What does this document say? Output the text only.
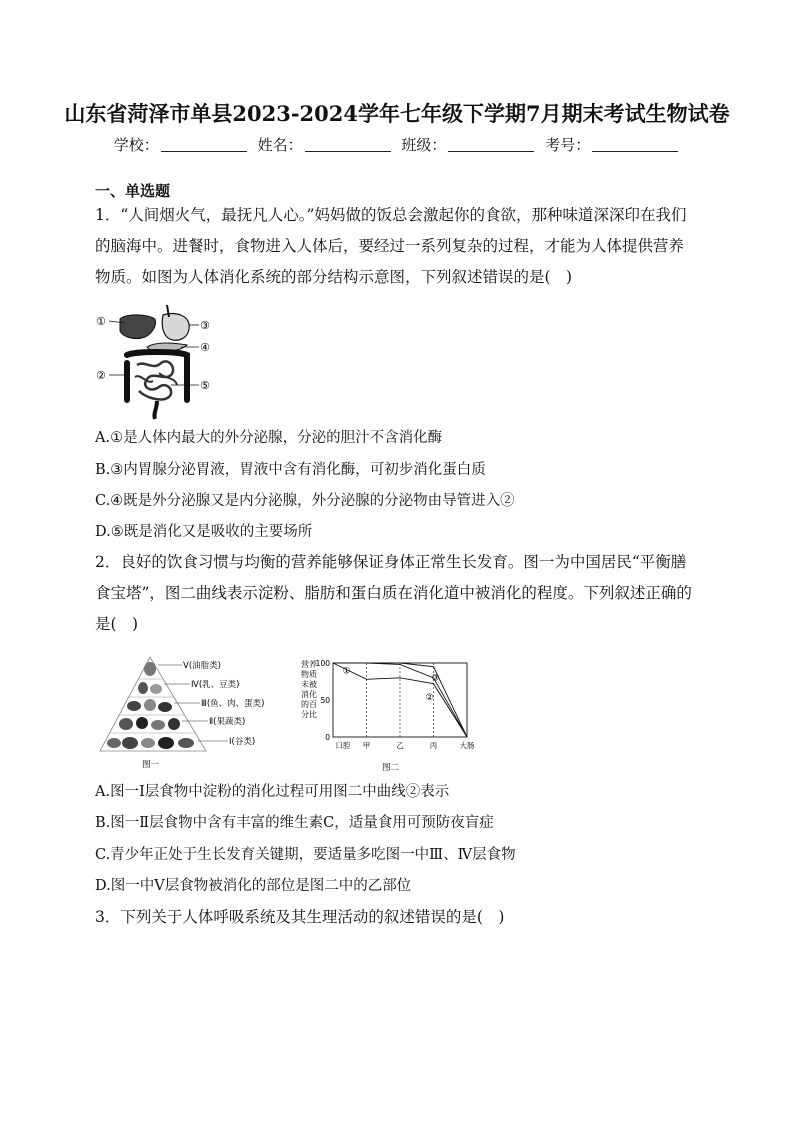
山东省菏泽市单县2023-2024学年七年级下学期7月期末考试生物试卷
学校：	姓名：	班级：	考号：
一、单选题
1．“人间烟火气，最抚凡人心。”妈妈做的饭总会激起你的食欲，那种味道深深印在我们的脑海中。进餐时，食物进入人体后，要经过一系列复杂的过程，才能为人体提供营养物质。如图为人体消化系统的部分结构示意图，下列叙述错误的是(　)
①
②
③
④
⑤
A.①是人体内最大的外分泌腺，分泌的胆汁不含消化酶
B.③内胃腺分泌胃液，胃液中含有消化酶，可初步消化蛋白质
C.④既是外分泌腺又是内分泌腺，外分泌腺的分泌物由导管进入②
D.⑤既是消化又是吸收的主要场所
2．良好的饮食习惯与均衡的营养能够保证身体正常生长发育。图一为中国居民“平衡膳食宝塔”，图二曲线表示淀粉、脂肪和蛋白质在消化道中被消化的程度。下列叙述正确的是(　)
Ⅴ(油脂类)
Ⅳ(乳、豆类)
Ⅲ(鱼、肉、蛋类)
Ⅱ(果蔬类)
Ⅰ(谷类)
图一
营养物质未被消化的百分比
100
50
0
口腔 甲	乙	丙	大肠
①
②
③
图二
A.图一Ⅰ层食物中淀粉的消化过程可用图二中曲线②表示
B.图一Ⅱ层食物中含有丰富的维生素C，适量食用可预防夜盲症
C.青少年正处于生长发育关键期，要适量多吃图一中Ⅲ、Ⅳ层食物
D.图一中Ⅴ层食物被消化的部位是图二中的乙部位
3．下列关于人体呼吸系统及其生理活动的叙述错误的是(　)
